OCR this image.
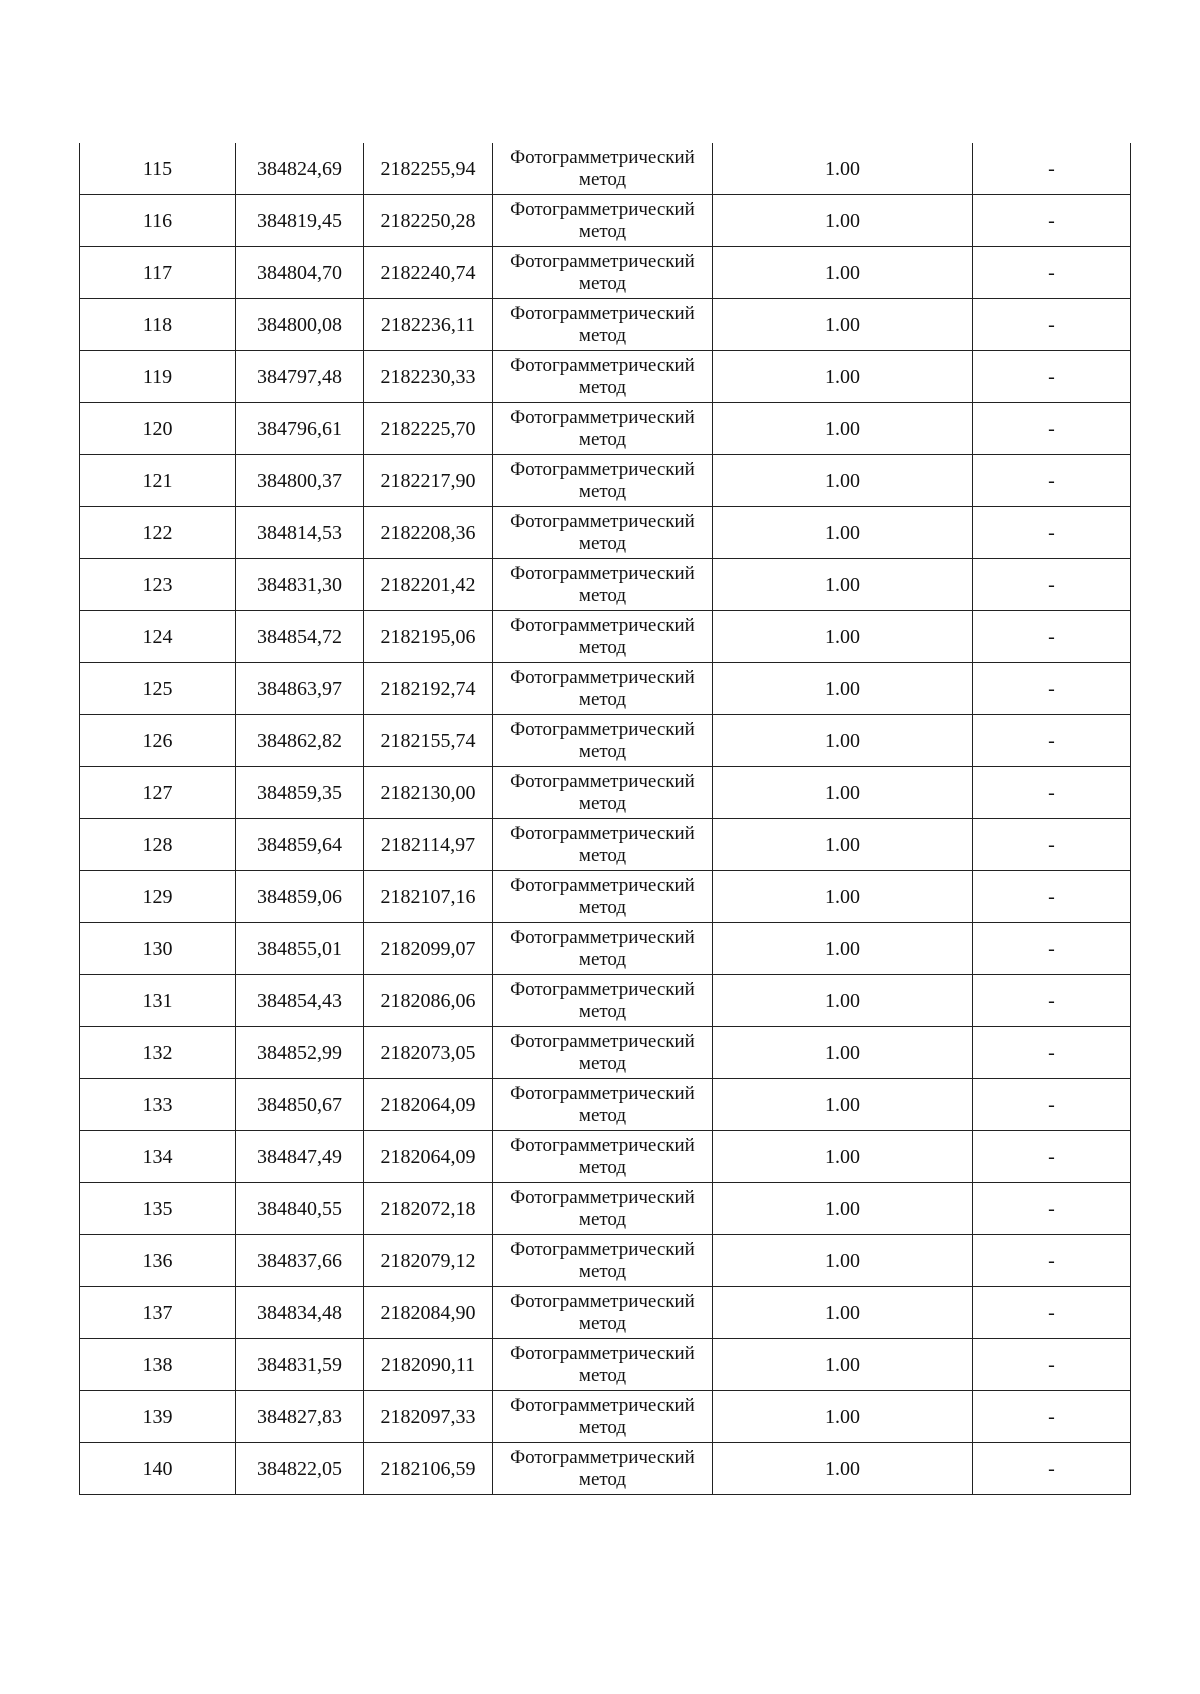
115	384824,69	2182255,94	Фотограмметрический
метод	1.00	-
116	384819,45	2182250,28	Фотограмметрический
метод	1.00	-
117	384804,70	2182240,74	Фотограмметрический
метод	1.00	-
118	384800,08	2182236,11	Фотограмметрический
метод	1.00	-
119	384797,48	2182230,33	Фотограмметрический
метод	1.00	-
120	384796,61	2182225,70	Фотограмметрический
метод	1.00	-
121	384800,37	2182217,90	Фотограмметрический
метод	1.00	-
122	384814,53	2182208,36	Фотограмметрический
метод	1.00	-
123	384831,30	2182201,42	Фотограмметрический
метод	1.00	-
124	384854,72	2182195,06	Фотограмметрический
метод	1.00	-
125	384863,97	2182192,74	Фотограмметрический
метод	1.00	-
126	384862,82	2182155,74	Фотограмметрический
метод	1.00	-
127	384859,35	2182130,00	Фотограмметрический
метод	1.00	-
128	384859,64	2182114,97	Фотограмметрический
метод	1.00	-
129	384859,06	2182107,16	Фотограмметрический
метод	1.00	-
130	384855,01	2182099,07	Фотограмметрический
метод	1.00	-
131	384854,43	2182086,06	Фотограмметрический
метод	1.00	-
132	384852,99	2182073,05	Фотограмметрический
метод	1.00	-
133	384850,67	2182064,09	Фотограмметрический
метод	1.00	-
134	384847,49	2182064,09	Фотограмметрический
метод	1.00	-
135	384840,55	2182072,18	Фотограмметрический
метод	1.00	-
136	384837,66	2182079,12	Фотограмметрический
метод	1.00	-
137	384834,48	2182084,90	Фотограмметрический
метод	1.00	-
138	384831,59	2182090,11	Фотограмметрический
метод	1.00	-
139	384827,83	2182097,33	Фотограмметрический
метод	1.00	-
140	384822,05	2182106,59	Фотограмметрический
метод	1.00	-
